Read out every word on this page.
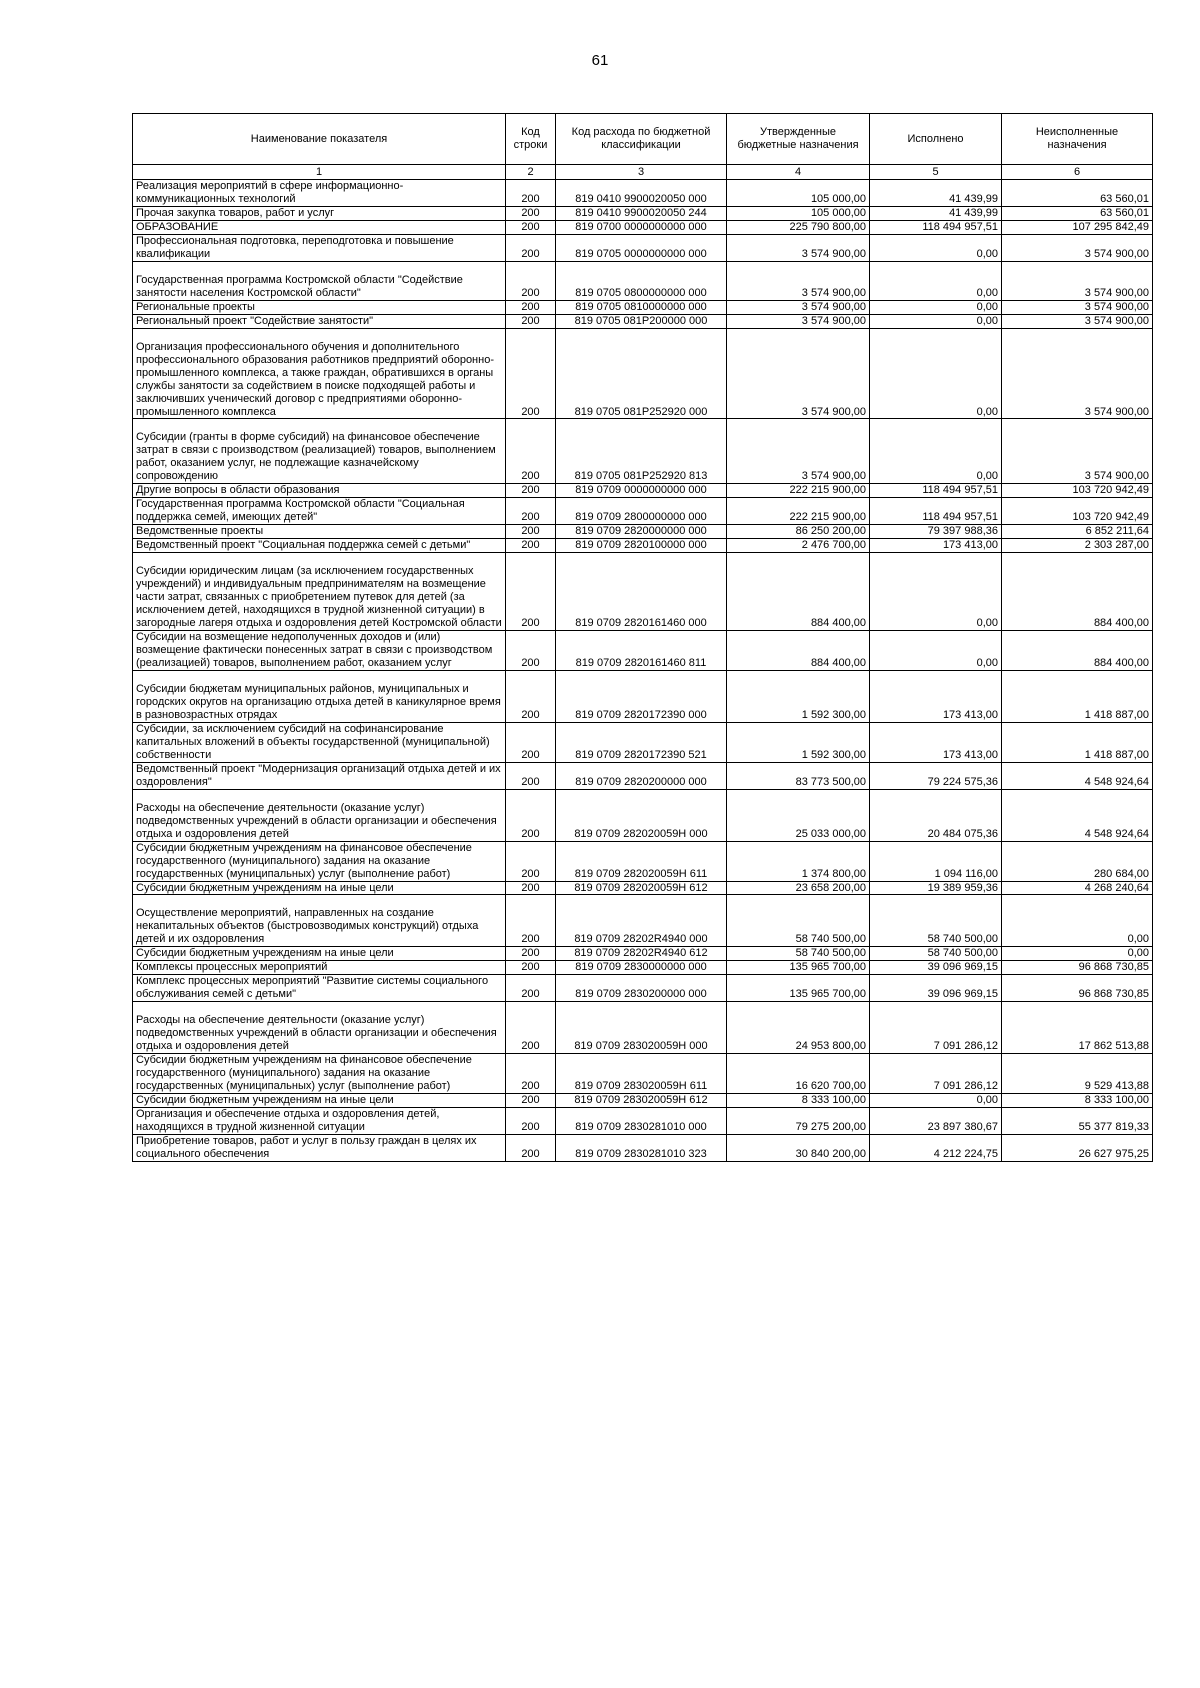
61
Наименование показателя	Код строки	Код расхода по бюджетной классификации	Утвержденные бюджетные назначения	Исполнено	Неисполненные назначения
1	2	3	4	5	6

Реализация мероприятий в сфере информационно-коммуникационных технологий	200	819 0410 9900020050 000	105 000,00	41 439,99	63 560,01

Прочая закупка товаров, работ и услуг	200	819 0410 9900020050 244	105 000,00	41 439,99	63 560,01

ОБРАЗОВАНИЕ	200	819 0700 0000000000 000	225 790 800,00	118 494 957,51	107 295 842,49

Профессиональная подготовка, переподготовка и повышение квалификации	200	819 0705 0000000000 000	3 574 900,00	0,00	3 574 900,00

Государственная программа Костромской области "Содействие занятости населения Костромской области"	200	819 0705 0800000000 000	3 574 900,00	0,00	3 574 900,00

Региональные проекты	200	819 0705 0810000000 000	3 574 900,00	0,00	3 574 900,00

Региональный проект "Содействие занятости"	200	819 0705 081P200000 000	3 574 900,00	0,00	3 574 900,00

Организация профессионального обучения и дополнительного профессионального образования работников предприятий оборонно-промышленного комплекса, а также граждан, обратившихся в органы службы занятости за содействием в поиске подходящей работы и заключивших ученический договор с предприятиями оборонно-промышленного комплекса	200	819 0705 081P252920 000	3 574 900,00	0,00	3 574 900,00

Субсидии (гранты в форме субсидий) на финансовое обеспечение затрат в связи с производством (реализацией) товаров, выполнением работ, оказанием услуг, не подлежащие казначейскому сопровождению	200	819 0705 081P252920 813	3 574 900,00	0,00	3 574 900,00

Другие вопросы в области образования	200	819 0709 0000000000 000	222 215 900,00	118 494 957,51	103 720 942,49

Государственная программа Костромской области "Социальная поддержка семей, имеющих детей"	200	819 0709 2800000000 000	222 215 900,00	118 494 957,51	103 720 942,49

Ведомственные проекты	200	819 0709 2820000000 000	86 250 200,00	79 397 988,36	6 852 211,64

Ведомственный проект "Социальная поддержка семей с детьми"	200	819 0709 2820100000 000	2 476 700,00	173 413,00	2 303 287,00

Субсидии юридическим лицам (за исключением государственных учреждений) и индивидуальным предпринимателям на возмещение части затрат, связанных с приобретением путевок для детей (за исключением детей, находящихся в трудной жизненной ситуации) в загородные лагеря отдыха и оздоровления детей Костромской области	200	819 0709 2820161460 000	884 400,00	0,00	884 400,00

Субсидии на возмещение недополученных доходов и (или) возмещение фактически понесенных затрат в связи с производством (реализацией) товаров, выполнением работ, оказанием услуг	200	819 0709 2820161460 811	884 400,00	0,00	884 400,00

Субсидии бюджетам муниципальных районов, муниципальных и городских округов на организацию отдыха детей в каникулярное время в разновозрастных отрядах	200	819 0709 2820172390 000	1 592 300,00	173 413,00	1 418 887,00

Субсидии, за исключением субсидий на софинансирование капитальных вложений в объекты государственной (муниципальной) собственности	200	819 0709 2820172390 521	1 592 300,00	173 413,00	1 418 887,00

Ведомственный проект "Модернизация организаций отдыха детей и их оздоровления"	200	819 0709 2820200000 000	83 773 500,00	79 224 575,36	4 548 924,64

Расходы на обеспечение деятельности (оказание услуг) подведомственных учреждений в области организации и обеспечения отдыха и оздоровления детей	200	819 0709 282020059Н 000	25 033 000,00	20 484 075,36	4 548 924,64

Субсидии бюджетным учреждениям на финансовое обеспечение государственного (муниципального) задания на оказание государственных (муниципальных) услуг (выполнение работ)	200	819 0709 282020059Н 611	1 374 800,00	1 094 116,00	280 684,00

Субсидии бюджетным учреждениям на иные цели	200	819 0709 282020059Н 612	23 658 200,00	19 389 959,36	4 268 240,64

Осуществление мероприятий, направленных на создание некапитальных объектов (быстровозводимых конструкций) отдыха детей и их оздоровления	200	819 0709 28202R4940 000	58 740 500,00	58 740 500,00	0,00

Субсидии бюджетным учреждениям на иные цели	200	819 0709 28202R4940 612	58 740 500,00	58 740 500,00	0,00

Комплексы процессных мероприятий	200	819 0709 2830000000 000	135 965 700,00	39 096 969,15	96 868 730,85

Комплекс процессных мероприятий "Развитие системы социального обслуживания семей с детьми"	200	819 0709 2830200000 000	135 965 700,00	39 096 969,15	96 868 730,85

Расходы на обеспечение деятельности (оказание услуг) подведомственных учреждений в области организации и обеспечения отдыха и оздоровления детей	200	819 0709 283020059Н 000	24 953 800,00	7 091 286,12	17 862 513,88

Субсидии бюджетным учреждениям на финансовое обеспечение государственного (муниципального) задания на оказание государственных (муниципальных) услуг (выполнение работ)	200	819 0709 283020059Н 611	16 620 700,00	7 091 286,12	9 529 413,88

Субсидии бюджетным учреждениям на иные цели	200	819 0709 283020059Н 612	8 333 100,00	0,00	8 333 100,00

Организация и обеспечение отдыха и оздоровления детей, находящихся в трудной жизненной ситуации	200	819 0709 2830281010 000	79 275 200,00	23 897 380,67	55 377 819,33

Приобретение товаров, работ и услуг в пользу граждан в целях их социального обеспечения	200	819 0709 2830281010 323	30 840 200,00	4 212 224,75	26 627 975,25
